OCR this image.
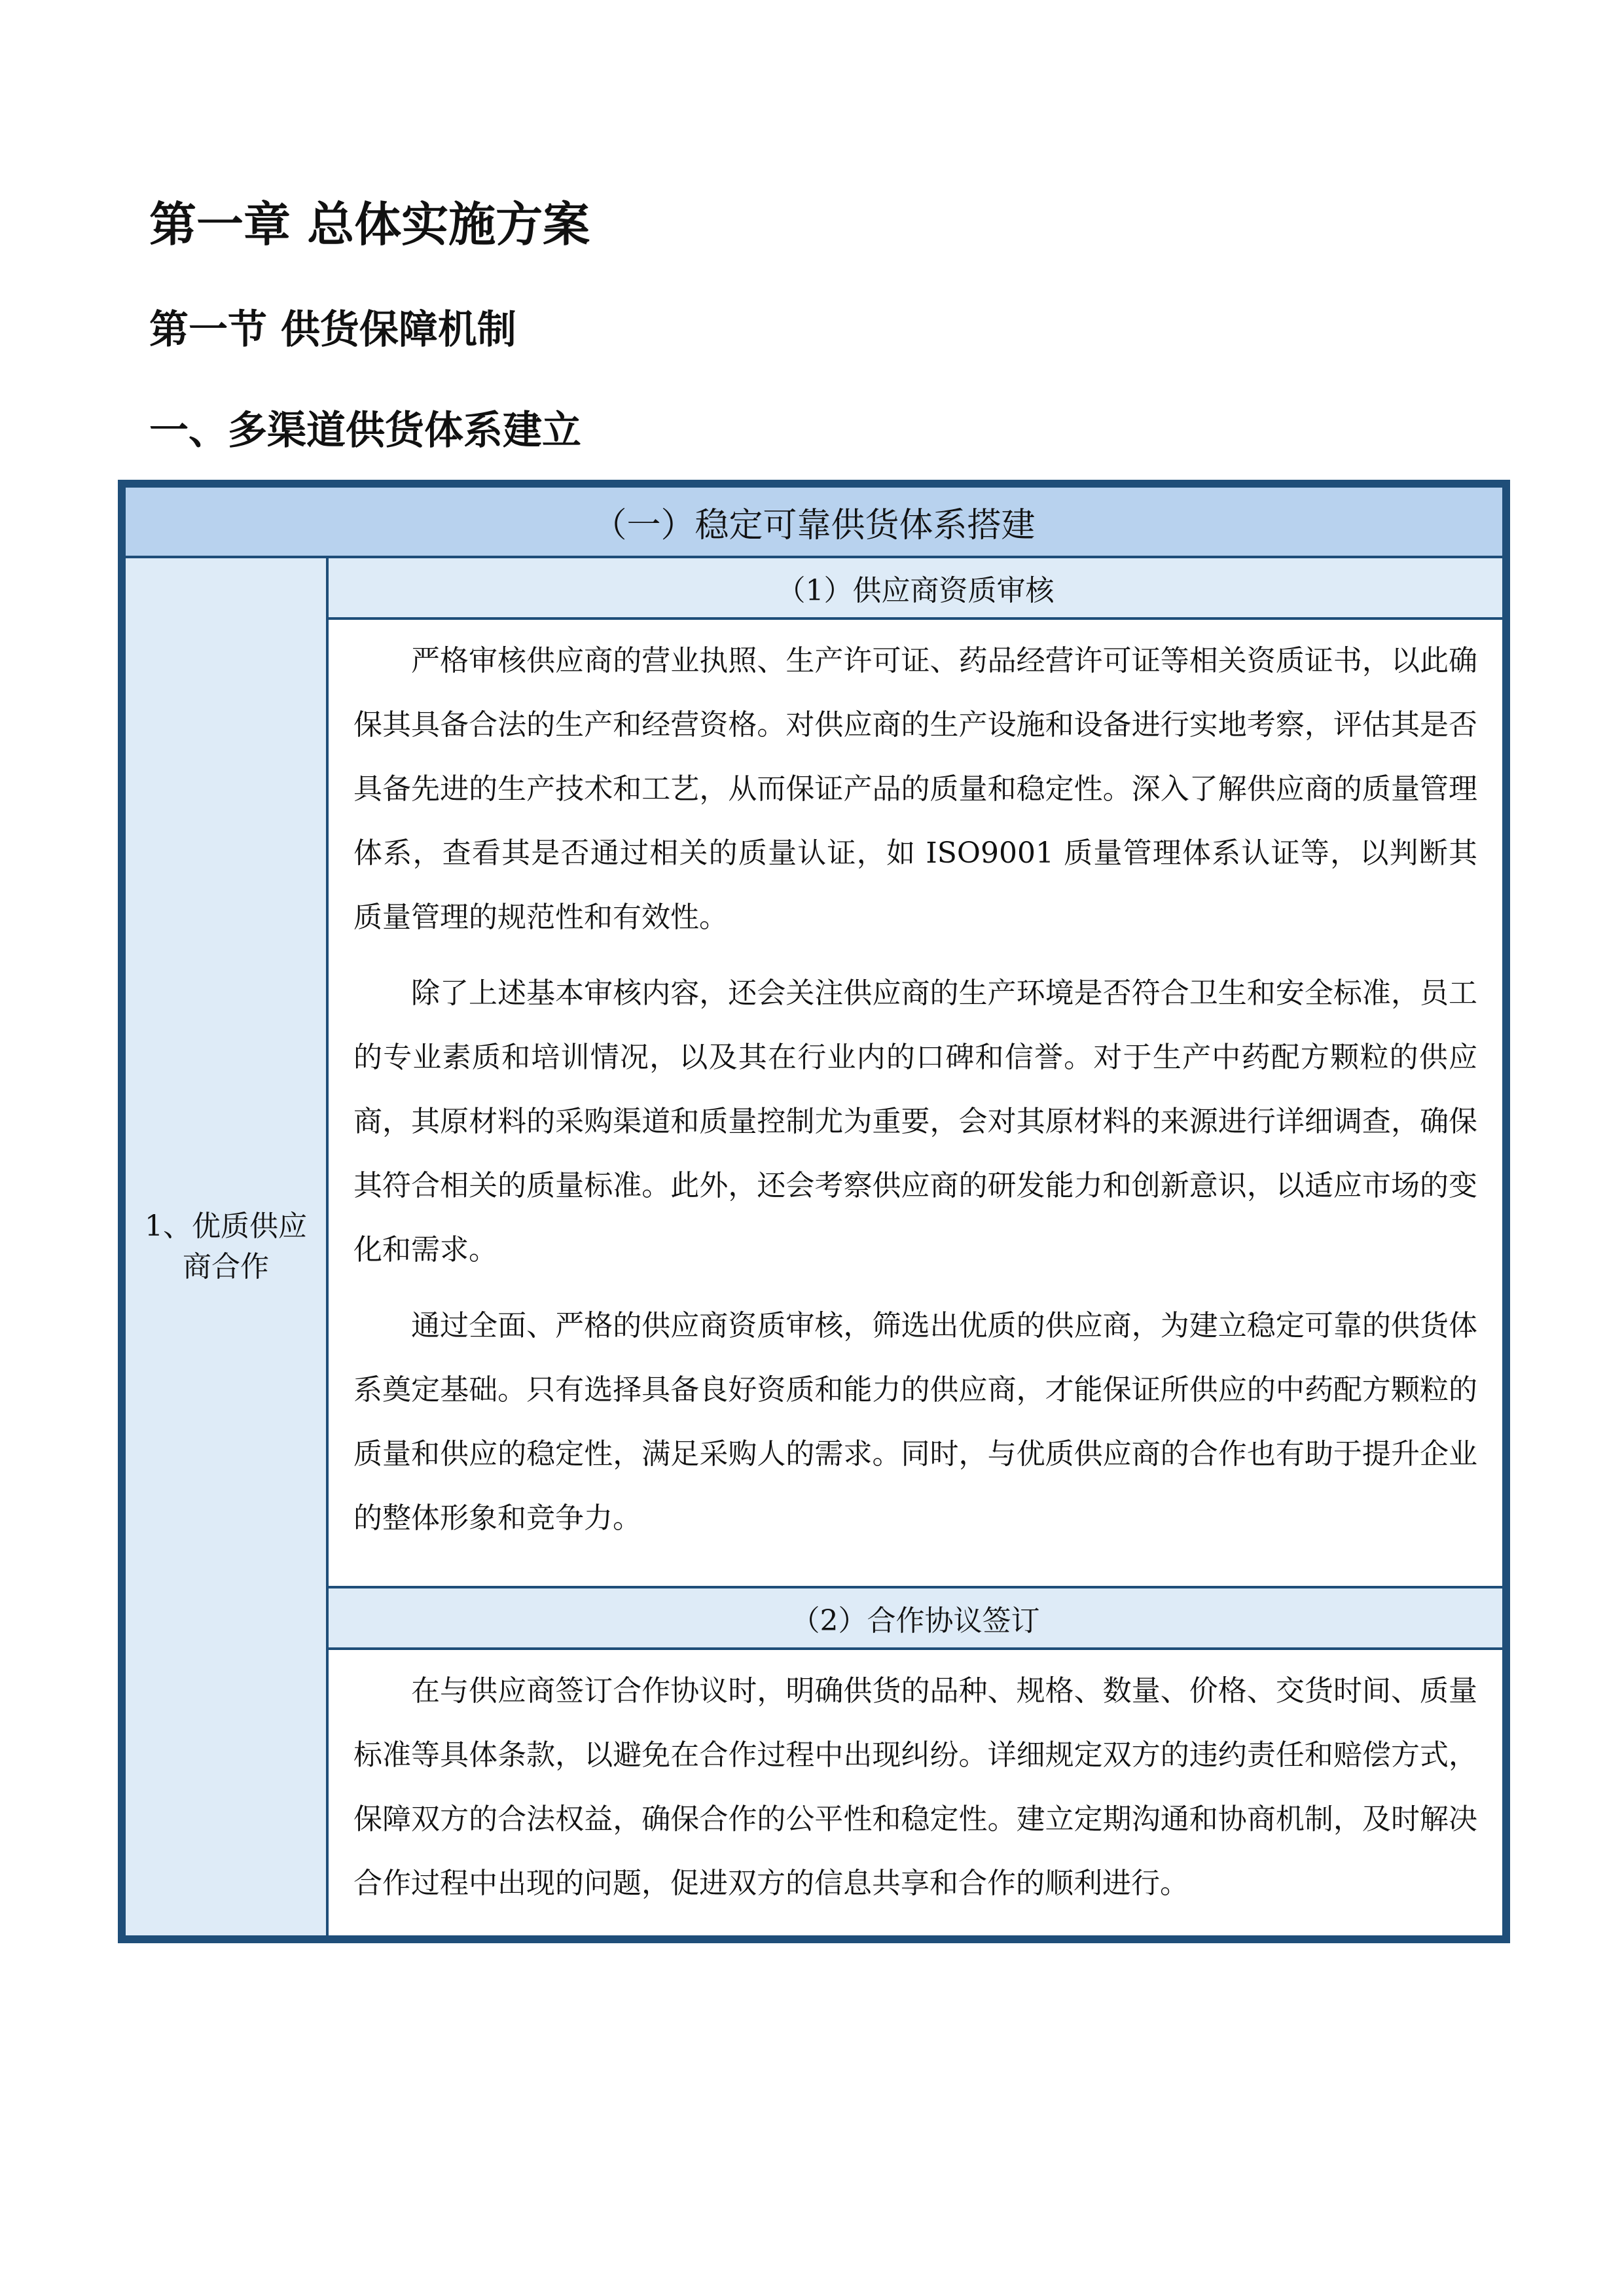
第一章 总体实施方案
第一节 供货保障机制
一、多渠道供货体系建立
（一）稳定可靠供货体系搭建
1、优质供应商合作	（1）供应商资质审核

严格审核供应商的营业执照、生产许可证、药品经营许可证等相关资质证书，以此确保其具备合法的生产和经营资格。对供应商的生产设施和设备进行实地考察，评估其是否具备先进的生产技术和工艺，从而保证产品的质量和稳定性。深入了解供应商的质量管理体系，查看其是否通过相关的质量认证，如 ISO9001 质量管理体系认证等，以判断其质量管理的规范性和有效性。

除了上述基本审核内容，还会关注供应商的生产环境是否符合卫生和安全标准，员工的专业素质和培训情况，以及其在行业内的口碑和信誉。对于生产中药配方颗粒的供应商，其原材料的采购渠道和质量控制尤为重要，会对其原材料的来源进行详细调查，确保其符合相关的质量标准。此外，还会考察供应商的研发能力和创新意识，以适应市场的变化和需求。

通过全面、严格的供应商资质审核，筛选出优质的供应商，为建立稳定可靠的供货体系奠定基础。只有选择具备良好资质和能力的供应商，才能保证所供应的中药配方颗粒的质量和供应的稳定性，满足采购人的需求。同时，与优质供应商的合作也有助于提升企业的整体形象和竞争力。

（2）合作协议签订

在与供应商签订合作协议时，明确供货的品种、规格、数量、价格、交货时间、质量标准等具体条款，以避免在合作过程中出现纠纷。详细规定双方的违约责任和赔偿方式，保障双方的合法权益，确保合作的公平性和稳定性。建立定期沟通和协商机制，及时解决合作过程中出现的问题，促进双方的信息共享和合作的顺利进行。
